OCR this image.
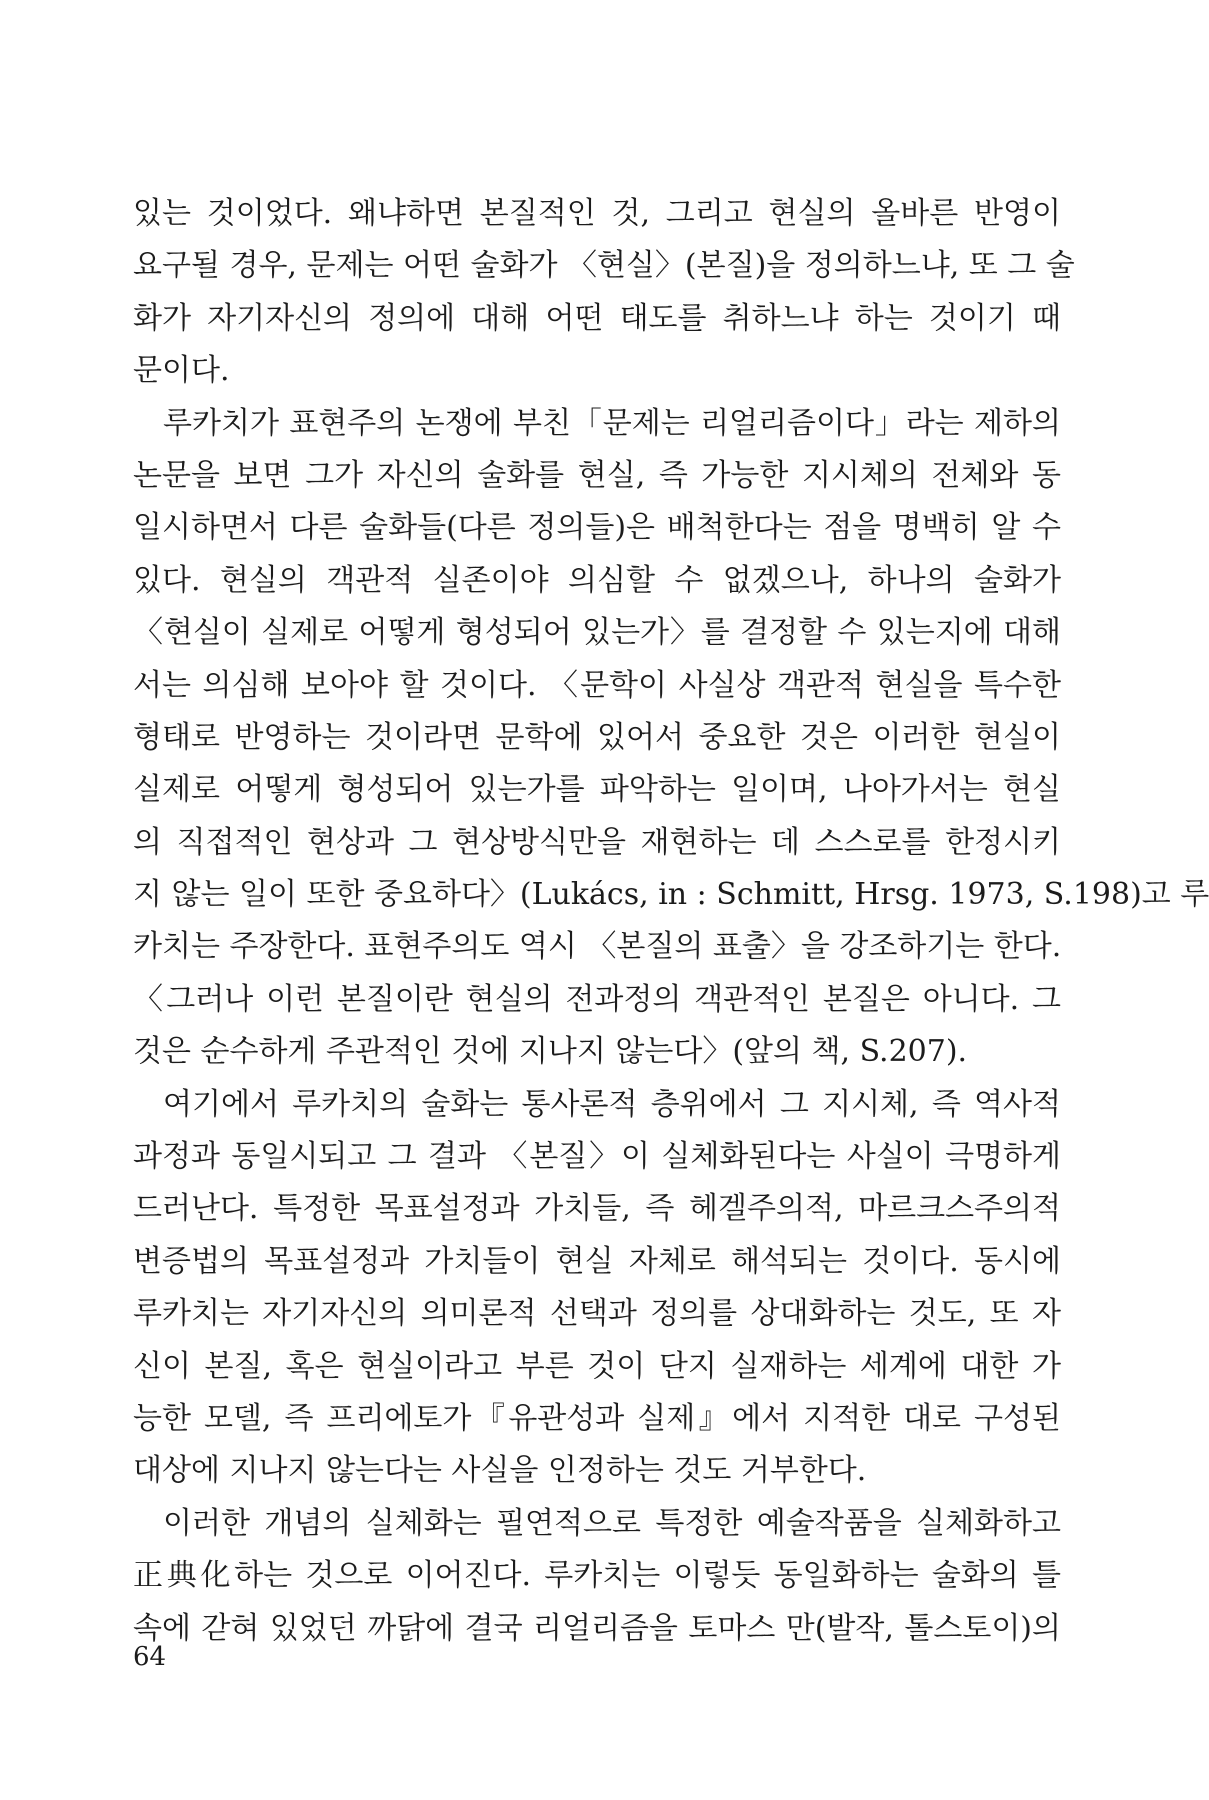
있는 것이었다. 왜냐하면 본질적인 것, 그리고 현실의 올바른 반영이
요구될 경우, 문제는 어떤 술화가 〈현실〉(본질)을 정의하느냐, 또 그 술
화가 자기자신의 정의에 대해 어떤 태도를 취하느냐 하는 것이기 때
문이다.
루카치가 표현주의 논쟁에 부친「문제는 리얼리즘이다」라는 제하의
논문을 보면 그가 자신의 술화를 현실, 즉 가능한 지시체의 전체와 동
일시하면서 다른 술화들(다른 정의들)은 배척한다는 점을 명백히 알 수
있다. 현실의 객관적 실존이야 의심할 수 없겠으나, 하나의 술화가
〈현실이 실제로 어떻게 형성되어 있는가〉를 결정할 수 있는지에 대해
서는 의심해 보아야 할 것이다. 〈문학이 사실상 객관적 현실을 특수한
형태로 반영하는 것이라면 문학에 있어서 중요한 것은 이러한 현실이
실제로 어떻게 형성되어 있는가를 파악하는 일이며, 나아가서는 현실
의 직접적인 현상과 그 현상방식만을 재현하는 데 스스로를 한정시키
지 않는 일이 또한 중요하다〉(Lukács, in : Schmitt, Hrsg. 1973, S.198)고 루
카치는 주장한다. 표현주의도 역시 〈본질의 표출〉을 강조하기는 한다.
〈그러나 이런 본질이란 현실의 전과정의 객관적인 본질은 아니다. 그
것은 순수하게 주관적인 것에 지나지 않는다〉(앞의 책, S.207).
여기에서 루카치의 술화는 통사론적 층위에서 그 지시체, 즉 역사적
과정과 동일시되고 그 결과 〈본질〉이 실체화된다는 사실이 극명하게
드러난다. 특정한 목표설정과 가치들, 즉 헤겔주의적, 마르크스주의적
변증법의 목표설정과 가치들이 현실 자체로 해석되는 것이다. 동시에
루카치는 자기자신의 의미론적 선택과 정의를 상대화하는 것도, 또 자
신이 본질, 혹은 현실이라고 부른 것이 단지 실재하는 세계에 대한 가
능한 모델, 즉 프리에토가『유관성과 실제』에서 지적한 대로 구성된
대상에 지나지 않는다는 사실을 인정하는 것도 거부한다.
이러한 개념의 실체화는 필연적으로 특정한 예술작품을 실체화하고
正典化하는 것으로 이어진다. 루카치는 이렇듯 동일화하는 술화의 틀
속에 갇혀 있었던 까닭에 결국 리얼리즘을 토마스 만(발작, 톨스토이)의
64
